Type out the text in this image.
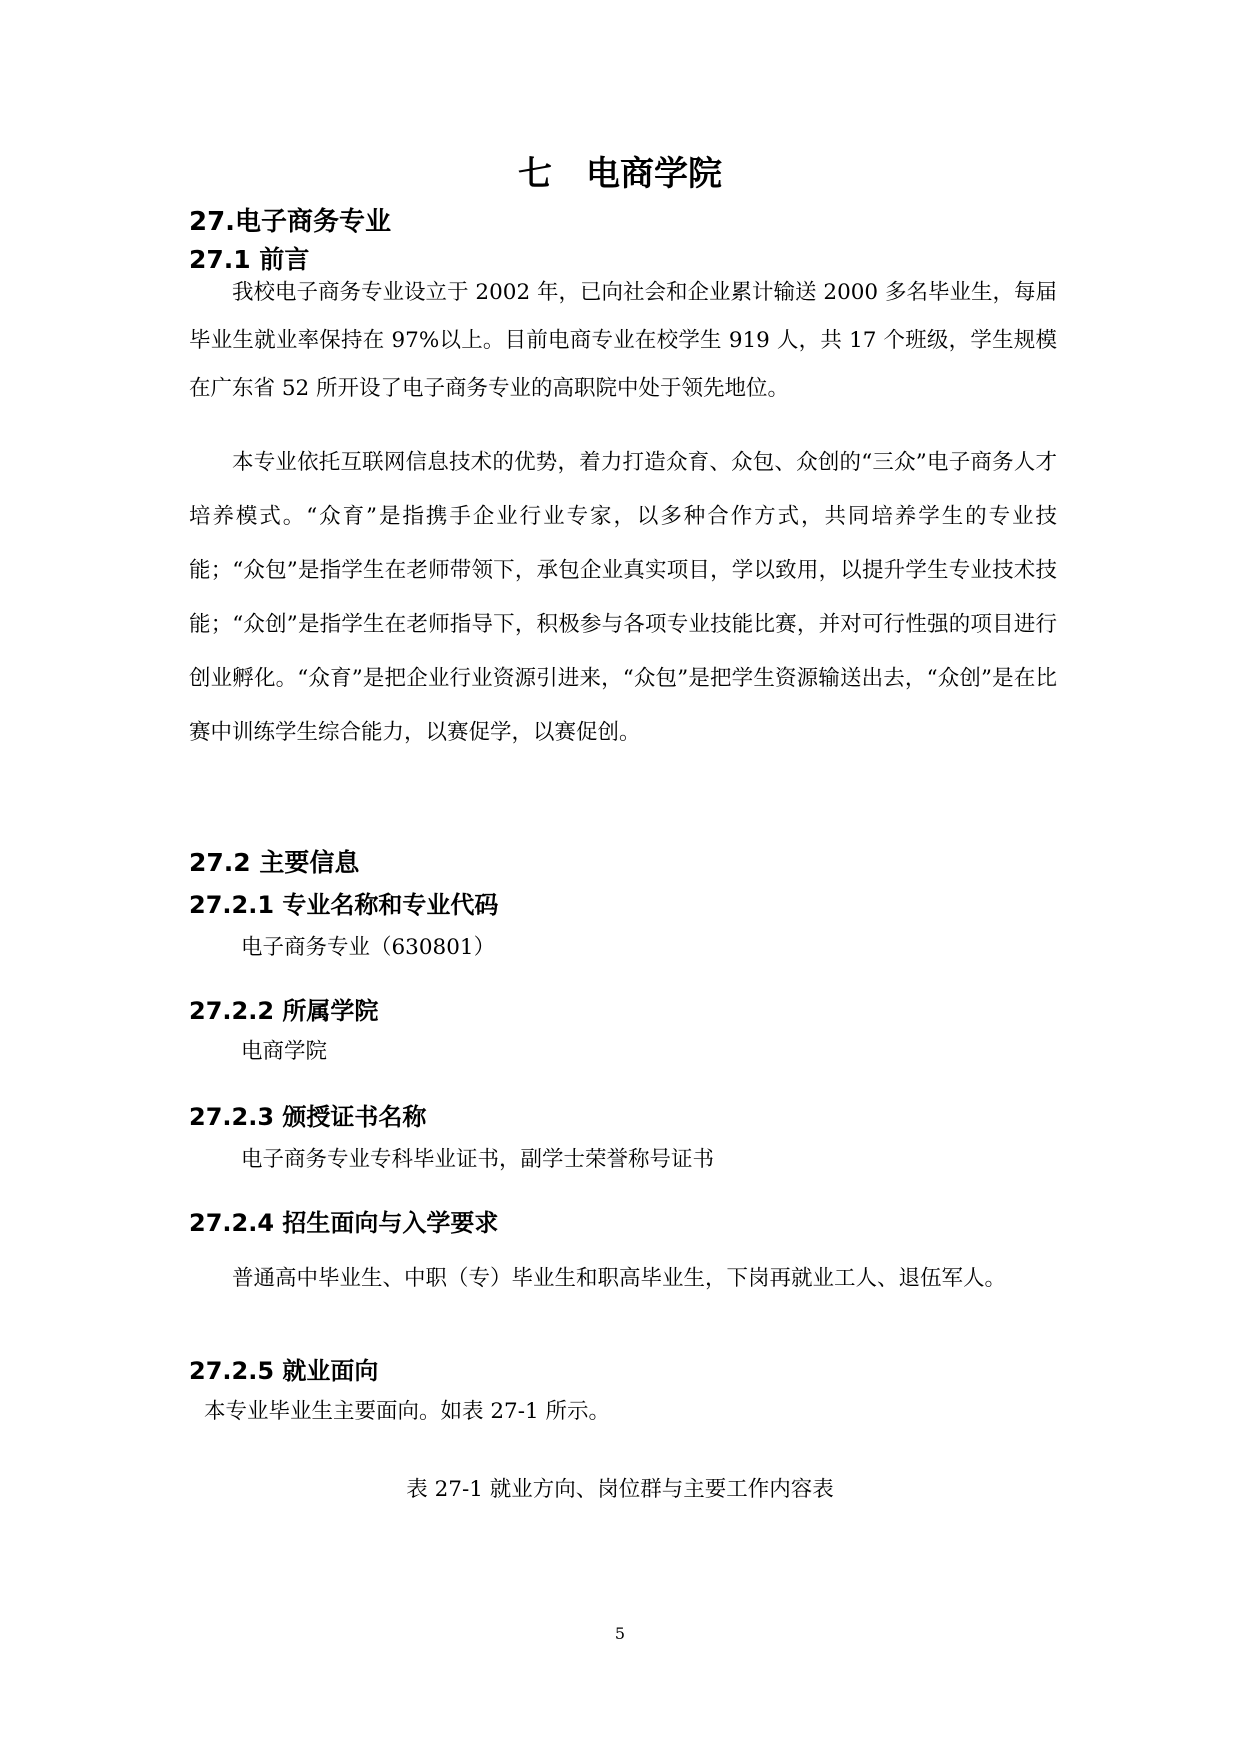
七　电商学院
27.电子商务专业
27.1 前言

我校电子商务专业设立于 2002 年，已向社会和企业累计输送 2000 多名毕业生，每届毕业生就业率保持在 97%以上。目前电商专业在校学生 919 人，共 17 个班级，学生规模在广东省 52 所开设了电子商务专业的高职院中处于领先地位。

本专业依托互联网信息技术的优势，着力打造众育、众包、众创的“三众”电子商务人才培养模式。“众育”是指携手企业行业专家，以多种合作方式，共同培养学生的专业技能；“众包”是指学生在老师带领下，承包企业真实项目，学以致用，以提升学生专业技术技能；“众创”是指学生在老师指导下，积极参与各项专业技能比赛，并对可行性强的项目进行创业孵化。“众育”是把企业行业资源引进来，“众包”是把学生资源输送出去，“众创”是在比赛中训练学生综合能力，以赛促学，以赛促创。

27.2 主要信息
27.2.1 专业名称和专业代码
电子商务专业（630801）
27.2.2 所属学院
电商学院
27.2.3 颁授证书名称
电子商务专业专科毕业证书，副学士荣誉称号证书
27.2.4 招生面向与入学要求

普通高中毕业生、中职（专）毕业生和职高毕业生，下岗再就业工人、退伍军人。

27.2.5 就业面向
本专业毕业生主要面向。如表 27-1 所示。
表 27-1 就业方向、岗位群与主要工作内容表
5
